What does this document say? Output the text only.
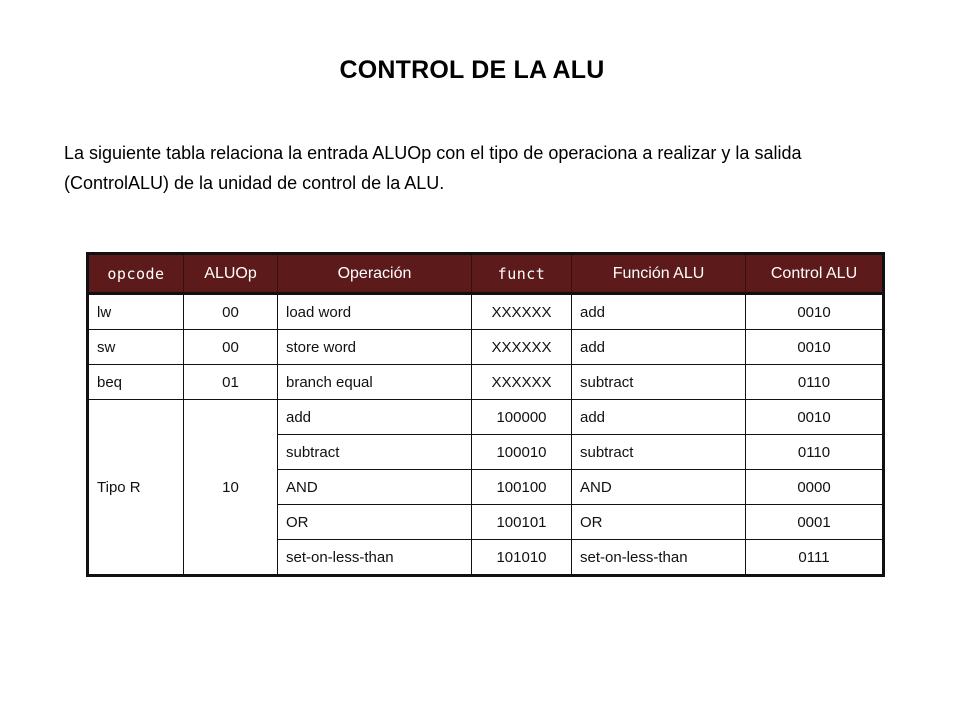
CONTROL DE LA ALU
La siguiente tabla relaciona la entrada ALUOp con el tipo de operaciona a realizar y la salida (ControlALU) de la unidad de control de la ALU.
opcode	ALUOp	Operación	funct	Función ALU	Control ALU
lw	00	load word	XXXXXX	add	0010
sw	00	store word	XXXXXX	add	0010
beq	01	branch equal	XXXXXX	subtract	0110
Tipo R	10	add	100000	add	0010
		subtract	100010	subtract	0110
		AND	100100	AND	0000
		OR	100101	OR	0001
		set-on-less-than	101010	set-on-less-than	0111
